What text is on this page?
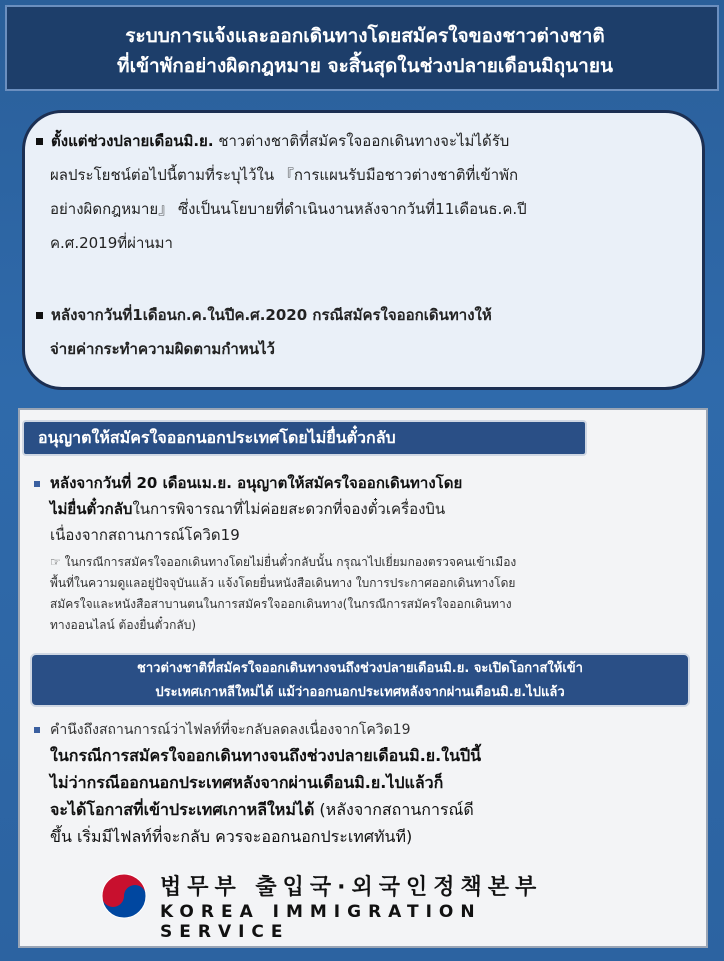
ระบบการแจ้งและออกเดินทางโดยสมัครใจของชาวต่างชาติ
ที่เข้าพักอย่างผิดกฎหมาย จะสิ้นสุดในช่วงปลายเดือนมิถุนายน
ตั้งแต่ช่วงปลายเดือนมิ.ย. ชาวต่างชาติที่สมัครใจออกเดินทางจะไม่ได้รับ
ผลประโยชน์ต่อไปนี้ตามที่ระบุไว้ใน 『การแผนรับมือชาวต่างชาติที่เข้าพัก
อย่างผิดกฎหมาย』 ซึ่งเป็นนโยบายที่ดำเนินงานหลังจากวันที่11เดือนธ.ค.ปี
ค.ศ.2019ที่ผ่านมา
หลังจากวันที่1เดือนก.ค.ในปีค.ศ.2020 กรณีสมัครใจออกเดินทางให้
จ่ายค่ากระทำความผิดตามกำหนไว้
อนุญาตให้สมัครใจออกนอกประเทศโดยไม่ยื่นตั๋วกลับ
หลังจากวันที่ 20 เดือนเม.ย. อนุญาตให้สมัครใจออกเดินทางโดย
ไม่ยื่นตั๋วกลับในการพิจารณาที่ไม่ค่อยสะดวกที่จองตั๋วเครื่องบิน
เนื่องจากสถานการณ์โควิด19
☞ ในกรณีการสมัครใจออกเดินทางโดยไม่ยื่นตั๋วกลับนั้น กรุณาไปเยี่ยมกองตรวจคนเข้าเมือง
พื้นที่ในความดูแลอยู่ปัจจุบันแล้ว แจ้งโดยยื่นหนังสือเดินทาง ใบการประกาศออกเดินทางโดย
สมัครใจและหนังสือสาบานตนในการสมัครใจออกเดินทาง(ในกรณีการสมัครใจออกเดินทาง
ทางออนไลน์ ต้องยื่นตั๋วกลับ)
ชาวต่างชาติที่สมัครใจออกเดินทางจนถึงช่วงปลายเดือนมิ.ย. จะเปิดโอกาสให้เข้า
ประเทศเกาหลีใหม่ได้ แม้ว่าออกนอกประเทศหลังจากผ่านเดือนมิ.ย.ไปแล้ว
คำนึงถึงสถานการณ์ว่าไฟลท์ที่จะกลับลดลงเนื่องจากโควิด19
ในกรณีการสมัครใจออกเดินทางจนถึงช่วงปลายเดือนมิ.ย.ในปีนี้
ไม่ว่ากรณีออกนอกประเทศหลังจากผ่านเดือนมิ.ย.ไปแล้วก็
จะได้โอกาสที่เข้าประเทศเกาหลีใหม่ได้ (หลังจากสถานการณ์ดี
ขึ้น เริ่มมีไฟลท์ที่จะกลับ ควรจะออกนอกประเทศทันที)
법무부 출입국·외국인정책본부
KOREA IMMIGRATION SERVICE
